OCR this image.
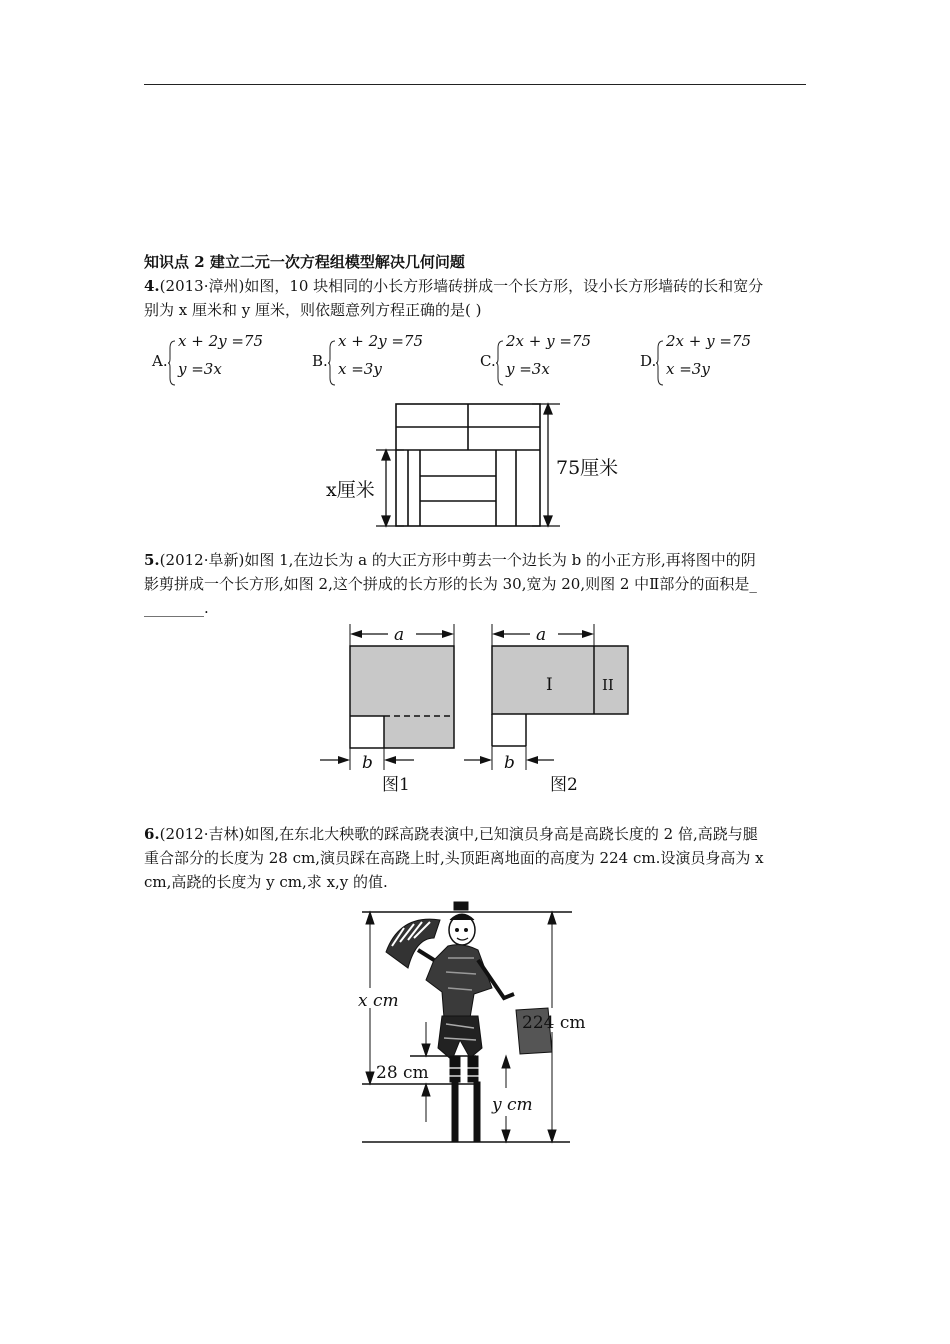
知识点 2 建立二元一次方程组模型解决几何问题
4.(2013·漳州)如图，10 块相同的小长方形墙砖拼成一个长方形，设小长方形墙砖的长和宽分
别为 x 厘米和 y 厘米，则依题意列方程正确的是( )
A.
x + 2y =75
y =3x	B.
x + 2y =75
x =3y	C.
2x + y =75
y =3x	D.
2x + y =75
x =3y
75厘米
x厘米
5.(2012·阜新)如图 1,在边长为 a 的大正方形中剪去一个边长为 b 的小正方形,再将图中的阴
影剪拼成一个长方形,如图 2,这个拼成的长方形的长为 30,宽为 20,则图 2 中Ⅱ部分的面积是_
________.
a
b
图1
a
I	II
b
图2
6.(2012·吉林)如图,在东北大秧歌的踩高跷表演中,已知演员身高是高跷长度的 2 倍,高跷与腿
重合部分的长度为 28 cm,演员踩在高跷上时,头顶距离地面的高度为 224 cm.设演员身高为 x
cm,高跷的长度为 y cm,求 x,y 的值.
x cm
28 cm
224 cm
y cm
